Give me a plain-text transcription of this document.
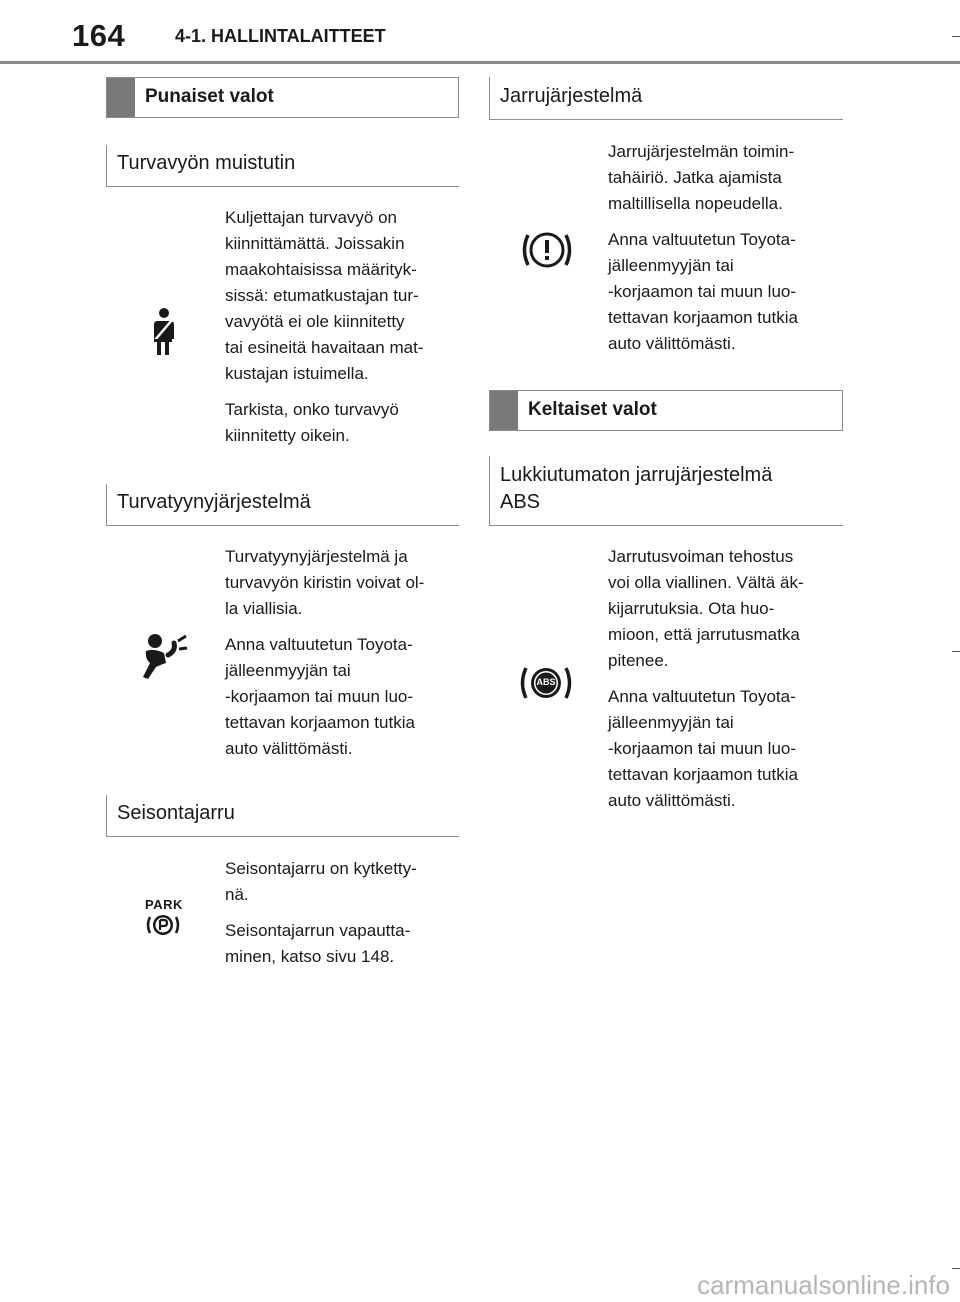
164	4-1. HALLINTALAITTEET
Punaiset valot
Turvavyön muistutin

Kuljettajan turvavyö on
kiinnittämättä. Joissakin
maakohtaisissa määrityk-
sissä: etumatkustajan tur-
vavyötä ei ole kiinnitetty
tai esineitä havaitaan mat-
kustajan istuimella.

Tarkista, onko turvavyö
kiinnitetty oikein.

Turvatyynyjärjestelmä

Turvatyynyjärjestelmä ja
turvavyön kiristin voivat ol-
la viallisia.

Anna valtuutetun Toyota-
jälleenmyyjän tai
-korjaamon tai muun luo-
tettavan korjaamon tutkia
auto välittömästi.

Seisontajarru
PARK

Seisontajarru on kytketty-
nä.

Seisontajarrun vapautta-
minen, katso sivu 148.

Jarrujärjestelmä

Jarrujärjestelmän toimin-
tahäiriö. Jatka ajamista
maltillisella nopeudella.

Anna valtuutetun Toyota-
jälleenmyyjän tai
-korjaamon tai muun luo-
tettavan korjaamon tutkia
auto välittömästi.

Keltaiset valot
Lukkiutumaton jarrujärjestelmä
ABS
ABS

Jarrutusvoiman tehostus
voi olla viallinen. Vältä äk-
kijarrutuksia. Ota huo-
mioon, että jarrutusmatka
pitenee.

Anna valtuutetun Toyota-
jälleenmyyjän tai
-korjaamon tai muun luo-
tettavan korjaamon tutkia
auto välittömästi.

carmanualsonline.info
